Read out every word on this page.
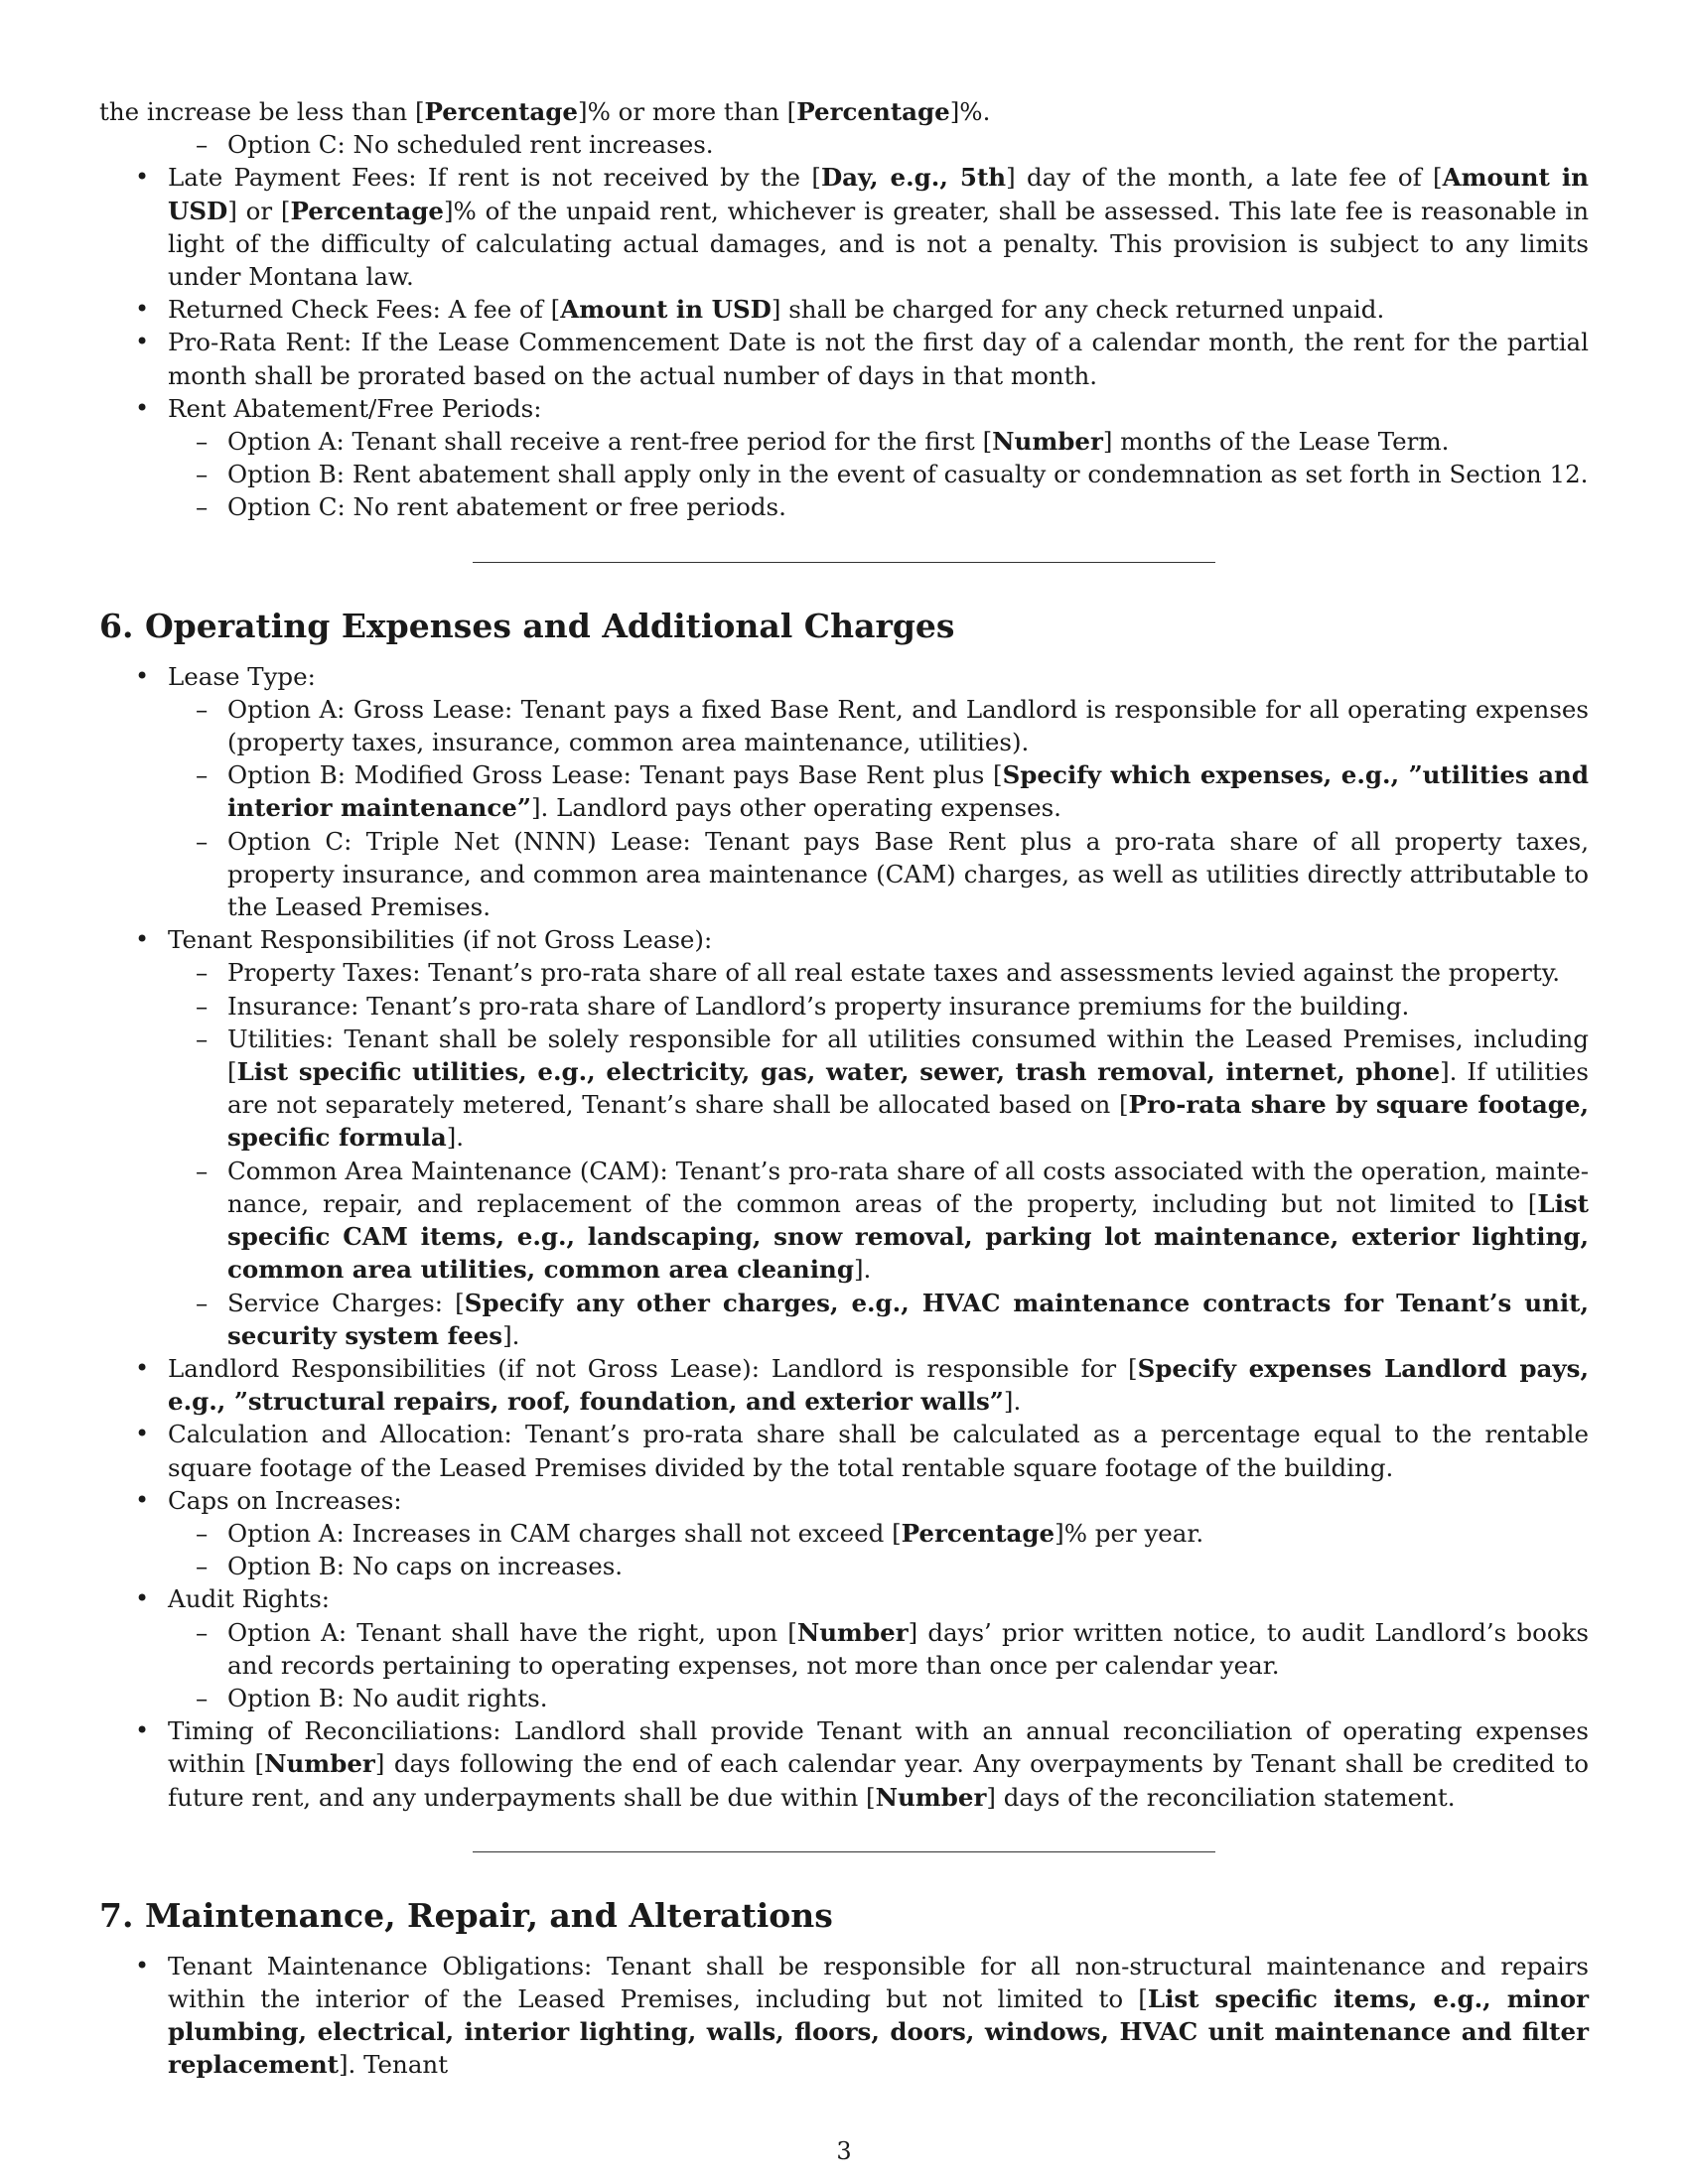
the increase be less than [Percentage]% or more than [Percentage]%.

– Option C: No scheduled rent increases.
• Late Payment Fees: If rent is not received by the [Day, e.g., 5th] day of the month, a late fee of [Amount in USD] or [Percentage]% of the unpaid rent, whichever is greater, shall be assessed. This late fee is reasonable in light of the difficulty of calculating actual damages, and is not a penalty. This provision is subject to any limits under Montana law.
• Returned Check Fees: A fee of [Amount in USD] shall be charged for any check returned unpaid.
• Pro-Rata Rent: If the Lease Commencement Date is not the first day of a calendar month, the rent for the partial month shall be prorated based on the actual number of days in that month.
• Rent Abatement/Free Periods:
– Option A: Tenant shall receive a rent-free period for the first [Number] months of the Lease Term.
– Option B: Rent abatement shall apply only in the event of casualty or condemnation as set forth in Section 12.
– Option C: No rent abatement or free periods.
6. Operating Expenses and Additional Charges
• Lease Type:
– Option A: Gross Lease: Tenant pays a fixed Base Rent, and Landlord is responsible for all operating expenses (property taxes, insurance, common area maintenance, utilities).
– Option B: Modified Gross Lease: Tenant pays Base Rent plus [Specify which expenses, e.g., ”utilities and interior maintenance”]. Landlord pays other operating expenses.
– Option C: Triple Net (NNN) Lease: Tenant pays Base Rent plus a pro-rata share of all property taxes, property insurance, and common area maintenance (CAM) charges, as well as utilities directly attributable to the Leased Premises.
• Tenant Responsibilities (if not Gross Lease):
– Property Taxes: Tenant’s pro-rata share of all real estate taxes and assessments levied against the property.
– Insurance: Tenant’s pro-rata share of Landlord’s property insurance premiums for the building.
– Utilities: Tenant shall be solely responsible for all utilities consumed within the Leased Premises, including [List specific utilities, e.g., electricity, gas, water, sewer, trash removal, internet, phone]. If utilities are not separately metered, Tenant’s share shall be allocated based on [Pro-rata share by square footage, specific formula].
– Common Area Maintenance (CAM): Tenant’s pro-rata share of all costs associated with the operation, maintenance, repair, and replacement of the common areas of the property, including but not limited to [List specific CAM items, e.g., landscaping, snow removal, parking lot maintenance, exterior lighting, common area utilities, common area cleaning].
– Service Charges: [Specify any other charges, e.g., HVAC maintenance contracts for Tenant’s unit, security system fees].
• Landlord Responsibilities (if not Gross Lease): Landlord is responsible for [Specify expenses Landlord pays, e.g., ”structural repairs, roof, foundation, and exterior walls”].
• Calculation and Allocation: Tenant’s pro-rata share shall be calculated as a percentage equal to the rentable square footage of the Leased Premises divided by the total rentable square footage of the building.
• Caps on Increases:
– Option A: Increases in CAM charges shall not exceed [Percentage]% per year.
– Option B: No caps on increases.
• Audit Rights:
– Option A: Tenant shall have the right, upon [Number] days’ prior written notice, to audit Landlord’s books and records pertaining to operating expenses, not more than once per calendar year.
– Option B: No audit rights.
• Timing of Reconciliations: Landlord shall provide Tenant with an annual reconciliation of operating expenses within [Number] days following the end of each calendar year. Any overpayments by Tenant shall be credited to future rent, and any underpayments shall be due within [Number] days of the reconciliation statement.
7. Maintenance, Repair, and Alterations
• Tenant Maintenance Obligations: Tenant shall be responsible for all non-structural maintenance and repairs within the interior of the Leased Premises, including but not limited to [List specific items, e.g., minor plumbing, electrical, interior lighting, walls, floors, doors, windows, HVAC unit maintenance and filter replacement]. Tenant
3
